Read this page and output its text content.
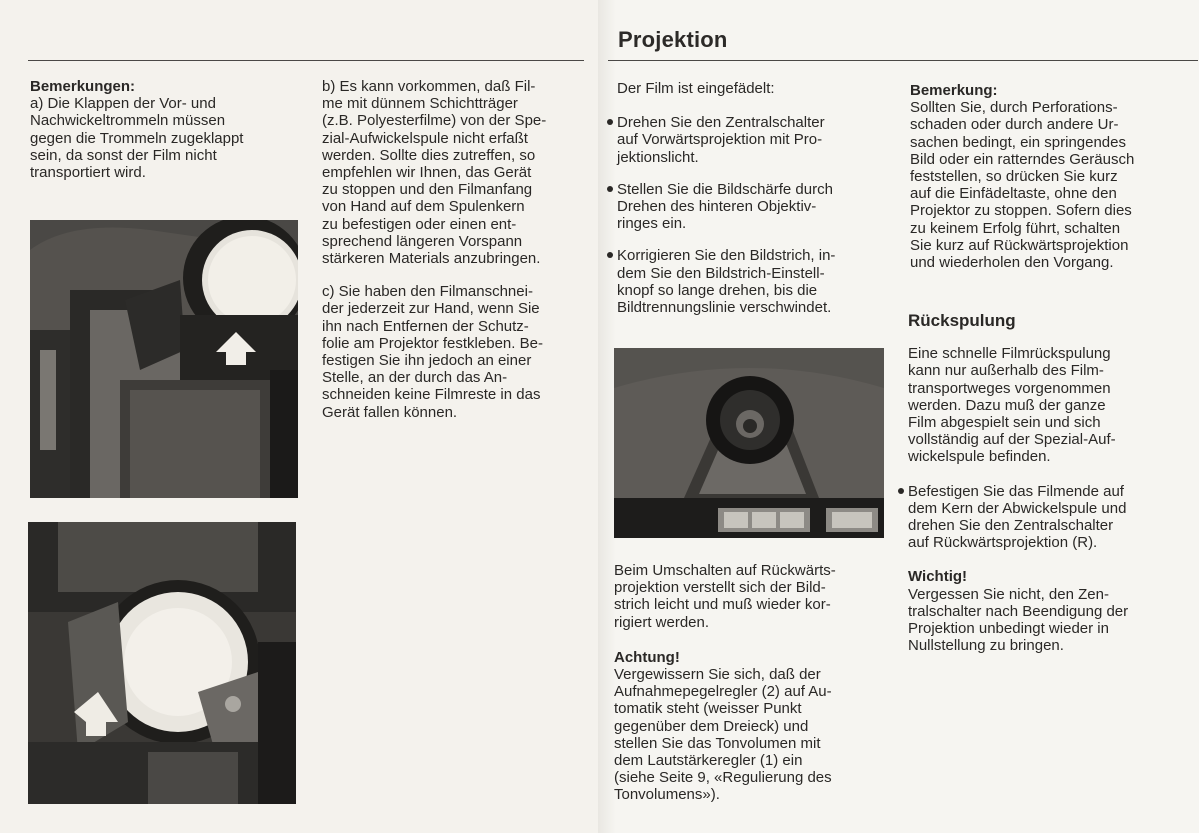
Projektion

Bemerkungen:

a) Die Klappen der Vor- und
Nachwickeltrommeln müssen
gegen die Trommeln zugeklappt
sein, da sonst der Film nicht
transportiert wird.

b) Es kann vorkommen, daß Fil-
me mit dünnem Schichtträger
(z.B. Polyesterfilme) von der Spe-
zial-Aufwickelspule nicht erfaßt
werden. Sollte dies zutreffen, so
empfehlen wir Ihnen, das Gerät
zu stoppen und den Filmanfang
von Hand auf dem Spulenkern
zu befestigen oder einen ent-
sprechend längeren Vorspann
stärkeren Materials anzubringen.

c) Sie haben den Filmanschnei-
der jederzeit zur Hand, wenn Sie
ihn nach Entfernen der Schutz-
folie am Projektor festkleben. Be-
festigen Sie ihn jedoch an einer
Stelle, an der durch das An-
schneiden keine Filmreste in das
Gerät fallen können.

Der Film ist eingefädelt:

Drehen Sie den Zentralschalter
auf Vorwärtsprojektion mit Pro-
jektionslicht.

Stellen Sie die Bildschärfe durch
Drehen des hinteren Objektiv-
ringes ein.

Korrigieren Sie den Bildstrich, in-
dem Sie den Bildstrich-Einstell-
knopf so lange drehen, bis die
Bildtrennungslinie verschwindet.

Beim Umschalten auf Rückwärts-
projektion verstellt sich der Bild-
strich leicht und muß wieder kor-
rigiert werden.

Achtung!

Vergewissern Sie sich, daß der
Aufnahmepegelregler (2) auf Au-
tomatik steht (weisser Punkt
gegenüber dem Dreieck) und
stellen Sie das Tonvolumen mit
dem Lautstärkeregler (1) ein
(siehe Seite 9, «Regulierung des
Tonvolumens»).

Bemerkung:

Sollten Sie, durch Perforations-
schaden oder durch andere Ur-
sachen bedingt, ein springendes
Bild oder ein ratterndes Geräusch
feststellen, so drücken Sie kurz
auf die Einfädeltaste, ohne den
Projektor zu stoppen. Sofern dies
zu keinem Erfolg führt, schalten
Sie kurz auf Rückwärtsprojektion
und wiederholen den Vorgang.

Rückspulung

Eine schnelle Filmrückspulung
kann nur außerhalb des Film-
transportweges vorgenommen
werden. Dazu muß der ganze
Film abgespielt sein und sich
vollständig auf der Spezial-Auf-
wickelspule befinden.

Befestigen Sie das Filmende auf
dem Kern der Abwickelspule und
drehen Sie den Zentralschalter
auf Rückwärtsprojektion (R).

Wichtig!

Vergessen Sie nicht, den Zen-
tralschalter nach Beendigung der
Projektion unbedingt wieder in
Nullstellung zu bringen.
